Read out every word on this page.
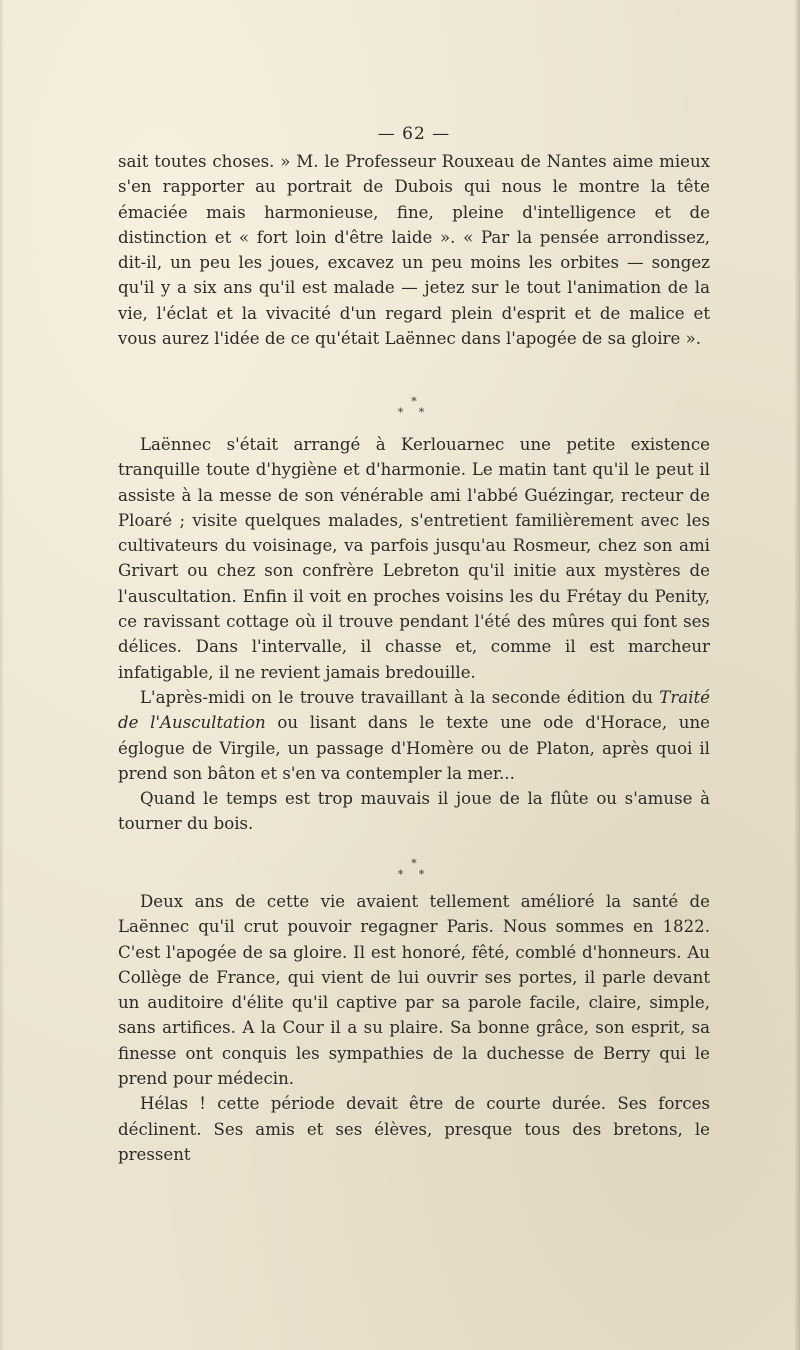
— 62 —

sait toutes choses. » M. le Professeur Rouxeau de Nantes aime mieux s'en rapporter au portrait de Dubois qui nous le montre la tête émaciée mais harmonieuse, fine, pleine d'intelligence et de distinction et « fort loin d'être laide ». « Par la pensée arrondissez, dit-il, un peu les joues, excavez un peu moins les orbites — songez qu'il y a six ans qu'il est malade — jetez sur le tout l'animation de la vie, l'éclat et la vivacité d'un regard plein d'esprit et de malice et vous aurez l'idée de ce qu'était Laënnec dans l'apogée de sa gloire ».

*
* *

Laënnec s'était arrangé à Kerlouarnec une petite existence tranquille toute d'hygiène et d'harmonie. Le matin tant qu'il le peut il assiste à la messe de son vénérable ami l'abbé Guézingar, recteur de Ploaré ; visite quelques malades, s'entretient familièrement avec les cultivateurs du voisinage, va parfois jusqu'au Rosmeur, chez son ami Grivart ou chez son confrère Lebreton qu'il initie aux mystères de l'auscultation. Enfin il voit en proches voisins les du Frétay du Penity, ce ravissant cottage où il trouve pendant l'été des mûres qui font ses délices. Dans l'intervalle, il chasse et, comme il est marcheur infatigable, il ne revient jamais bredouille.

L'après-midi on le trouve travaillant à la seconde édition du Traité de l'Auscultation ou lisant dans le texte une ode d'Horace, une églogue de Virgile, un passage d'Homère ou de Platon, après quoi il prend son bâton et s'en va contempler la mer...

Quand le temps est trop mauvais il joue de la flûte ou s'amuse à tourner du bois.

*
* *

Deux ans de cette vie avaient tellement amélioré la santé de Laënnec qu'il crut pouvoir regagner Paris. Nous sommes en 1822. C'est l'apogée de sa gloire. Il est honoré, fêté, comblé d'honneurs. Au Collège de France, qui vient de lui ouvrir ses portes, il parle devant un auditoire d'élite qu'il captive par sa parole facile, claire, simple, sans artifices. A la Cour il a su plaire. Sa bonne grâce, son esprit, sa finesse ont conquis les sympathies de la duchesse de Berry qui le prend pour médecin.

Hélas ! cette période devait être de courte durée. Ses forces déclinent. Ses amis et ses élèves, presque tous des bretons, le pressent
